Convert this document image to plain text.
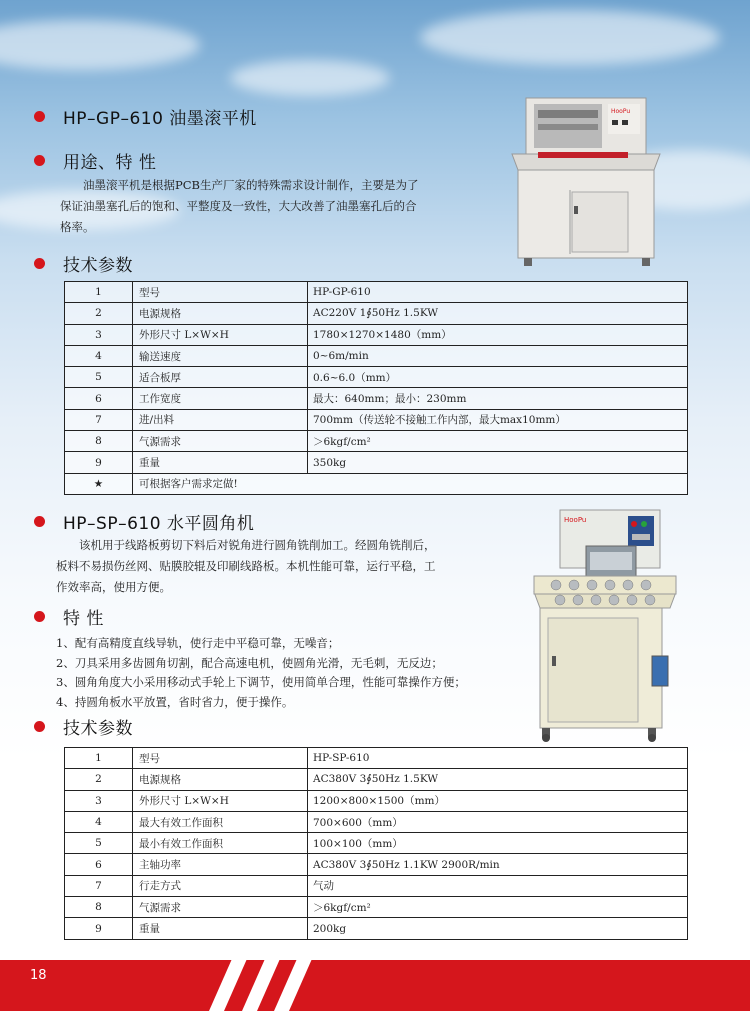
HP–GP–610 油墨滚平机
用途、特 性

油墨滚平机是根据PCB生产厂家的特殊需求设计制作，主要是为了

保证油墨塞孔后的饱和、平整度及一致性，大大改善了油墨塞孔后的合

格率。

技术参数
HooPu
1	型号	HP-GP-610
2	电源规格	AC220V 1∮50Hz 1.5KW
3	外形尺寸 L×W×H	1780×1270×1480（mm）
4	输送速度	0~6m/min
5	适合板厚	0.6~6.0（mm）
6	工作宽度	最大：640mm；最小：230mm
7	进/出料	700mm（传送轮不接触工作内部，最大max10mm）
8	气源需求	＞6kgf/cm²
9	重量	350kg
★	可根据客户需求定做!	
HP–SP–610 水平圆角机

该机用于线路板剪切下料后对锐角进行圆角铣削加工。经圆角铣削后，

板料不易损伤丝网、贴膜胶辊及印刷线路板。本机性能可靠，运行平稳，工

作效率高，使用方便。

特 性

1、配有高精度直线导轨，使行走中平稳可靠，无噪音；

2、刀具采用多齿圆角切割，配合高速电机，使圆角光滑，无毛刺，无反边；

3、圆角角度大小采用移动式手轮上下调节，使用简单合理，性能可靠操作方便；

4、持圆角板水平放置，省时省力，便于操作。

技术参数
HooPu
1	型号	HP-SP-610
2	电源规格	AC380V 3∮50Hz 1.5KW
3	外形尺寸 L×W×H	1200×800×1500（mm）
4	最大有效工作面积	700×600（mm）
5	最小有效工作面积	100×100（mm）
6	主轴功率	AC380V 3∮50Hz 1.1KW 2900R/min
7	行走方式	气动
8	气源需求	＞6kgf/cm²
9	重量	200kg
18
